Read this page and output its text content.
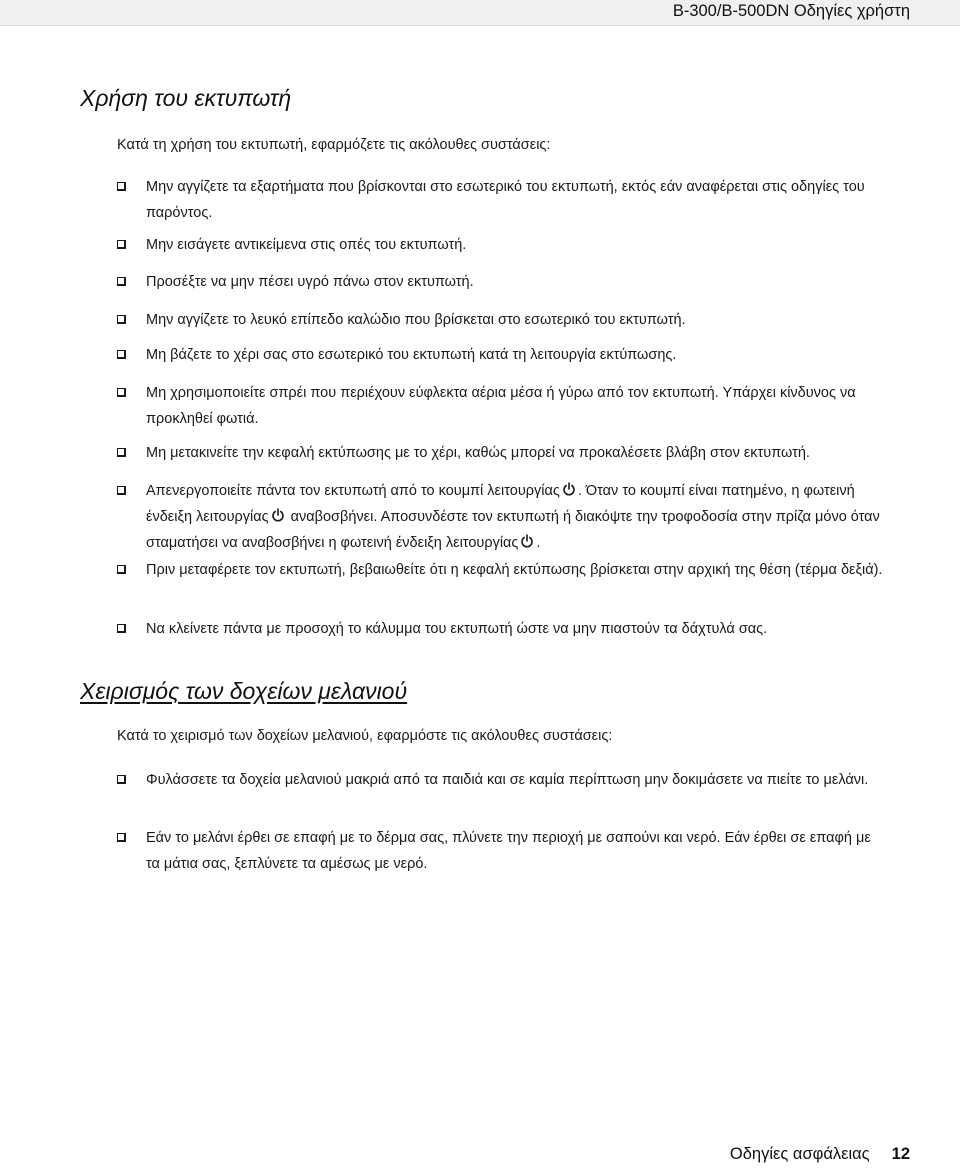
B-300/B-500DN Οδηγίες χρήστη
Χρήση του εκτυπωτή

Κατά τη χρήση του εκτυπωτή, εφαρμόζετε τις ακόλουθες συστάσεις:

Μην αγγίζετε τα εξαρτήματα που βρίσκονται στο εσωτερικό του εκτυπωτή, εκτός εάν αναφέρεται στις οδηγίες του παρόντος.

Μην εισάγετε αντικείμενα στις οπές του εκτυπωτή.

Προσέξτε να μην πέσει υγρό πάνω στον εκτυπωτή.

Μην αγγίζετε το λευκό επίπεδο καλώδιο που βρίσκεται στο εσωτερικό του εκτυπωτή.

Μη βάζετε το χέρι σας στο εσωτερικό του εκτυπωτή κατά τη λειτουργία εκτύπωσης.

Μη χρησιμοποιείτε σπρέι που περιέχουν εύφλεκτα αέρια μέσα ή γύρω από τον εκτυπωτή. Υπάρχει κίνδυνος να προκληθεί φωτιά.

Μη μετακινείτε την κεφαλή εκτύπωσης με το χέρι, καθώς μπορεί να προκαλέσετε βλάβη στον εκτυπωτή.

Απενεργοποιείτε πάντα τον εκτυπωτή από το κουμπί λειτουργίας . Όταν το κουμπί είναι πατημένο, η φωτεινή ένδειξη λειτουργίας αναβοσβήνει. Αποσυνδέστε τον εκτυπωτή ή διακόψτε την τροφοδοσία στην πρίζα μόνο όταν σταματήσει να αναβοσβήνει η φωτεινή ένδειξη λειτουργίας .

Πριν μεταφέρετε τον εκτυπωτή, βεβαιωθείτε ότι η κεφαλή εκτύπωσης βρίσκεται στην αρχική της θέση (τέρμα δεξιά).

Να κλείνετε πάντα με προσοχή το κάλυμμα του εκτυπωτή ώστε να μην πιαστούν τα δάχτυλά σας.

Χειρισμός των δοχείων μελανιού

Κατά το χειρισμό των δοχείων μελανιού, εφαρμόστε τις ακόλουθες συστάσεις:

Φυλάσσετε τα δοχεία μελανιού μακριά από τα παιδιά και σε καμία περίπτωση μην δοκιμάσετε να πιείτε το μελάνι.

Εάν το μελάνι έρθει σε επαφή με το δέρμα σας, πλύνετε την περιοχή με σαπούνι και νερό. Εάν έρθει σε επαφή με τα μάτια σας, ξεπλύνετε τα αμέσως με νερό.

Οδηγίες ασφάλειας 12
